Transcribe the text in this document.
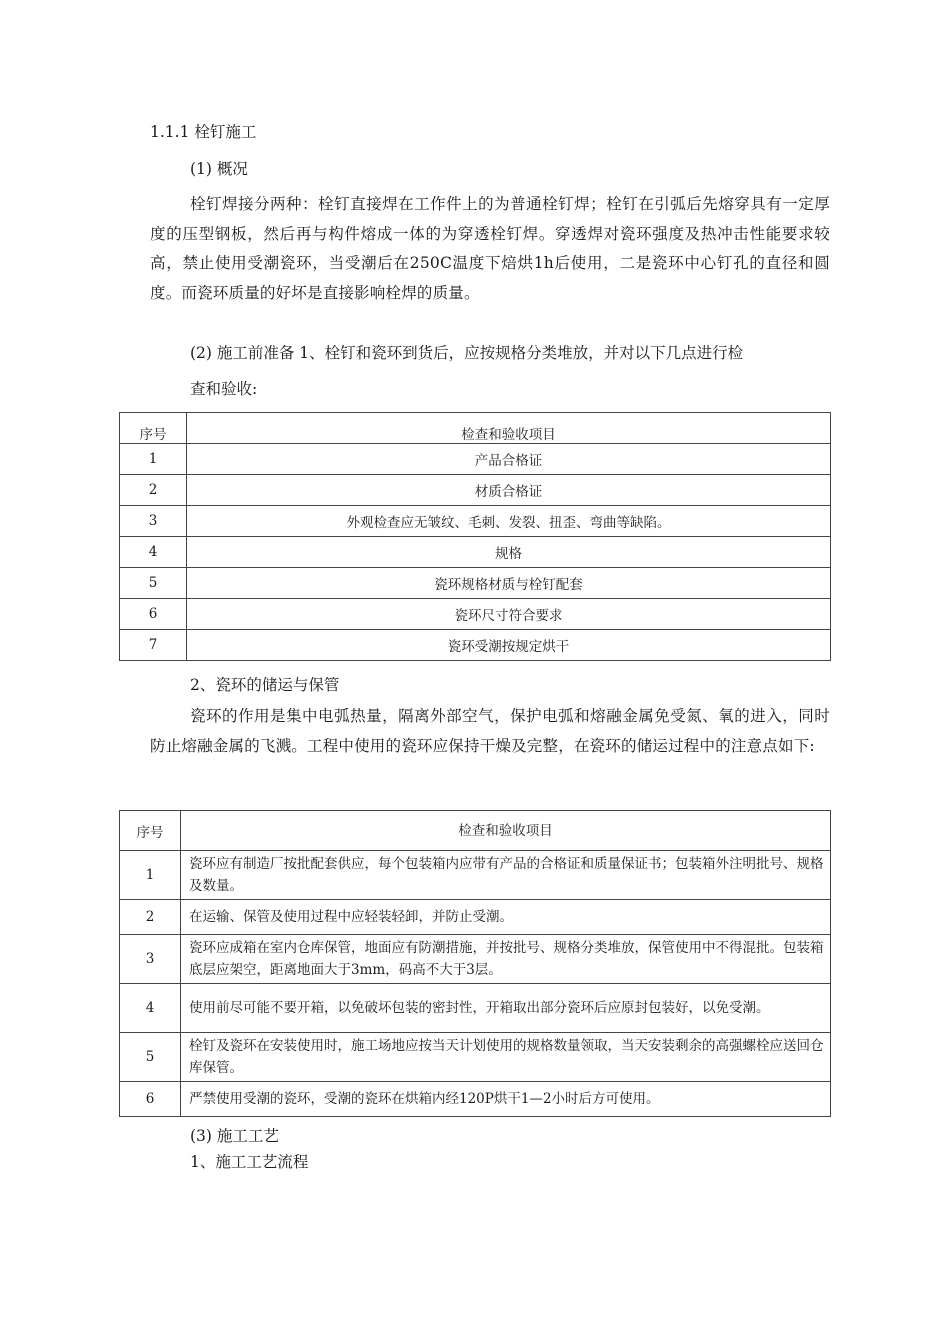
1.1.1 栓钉施工
(1) 概况
栓钉焊接分两种：栓钉直接焊在工作件上的为普通栓钉焊；栓钉在引弧后先熔穿具有一定厚度的压型钢板，然后再与构件熔成一体的为穿透栓钉焊。穿透焊对瓷环强度及热冲击性能要求较高，禁止使用受潮瓷环，当受潮后在250C温度下焙烘1h后使用，二是瓷环中心钉孔的直径和圆度。而瓷环质量的好坏是直接影响栓焊的质量。
(2) 施工前准备 1、栓钉和瓷环到货后，应按规格分类堆放，并对以下几点进行检
查和验收:
序号	检查和验收项目
1	产品合格证
2	材质合格证
3	外观检查应无皱纹、毛刺、发裂、扭歪、弯曲等缺陷。
4	规格
5	瓷环规格材质与栓钉配套
6	瓷环尺寸符合要求
7	瓷环受潮按规定烘干
2、瓷环的储运与保管
瓷环的作用是集中电弧热量，隔离外部空气，保护电弧和熔融金属免受氮、氧的进入，同时防止熔融金属的飞溅。工程中使用的瓷环应保持干燥及完整，在瓷环的储运过程中的注意点如下:
序号	检查和验收项目
1	瓷环应有制造厂按批配套供应，每个包装箱内应带有产品的合格证和质量保证书；包装箱外注明批号、规格及数量。
2	在运输、保管及使用过程中应轻装轻卸，并防止受潮。
3	瓷环应成箱在室内仓库保管，地面应有防潮措施，并按批号、规格分类堆放，保管使用中不得混批。包装箱底层应架空，距离地面大于3mm，码高不大于3层。
4	使用前尽可能不要开箱，以免破坏包装的密封性，开箱取出部分瓷环后应原封包装好，以免受潮。
5	栓钉及瓷环在安装使用时，施工场地应按当天计划使用的规格数量领取，当天安装剩余的高强螺栓应送回仓库保管。
6	严禁使用受潮的瓷环，受潮的瓷环在烘箱内经120P烘干1—2小时后方可使用。
(3) 施工工艺
1、施工工艺流程
